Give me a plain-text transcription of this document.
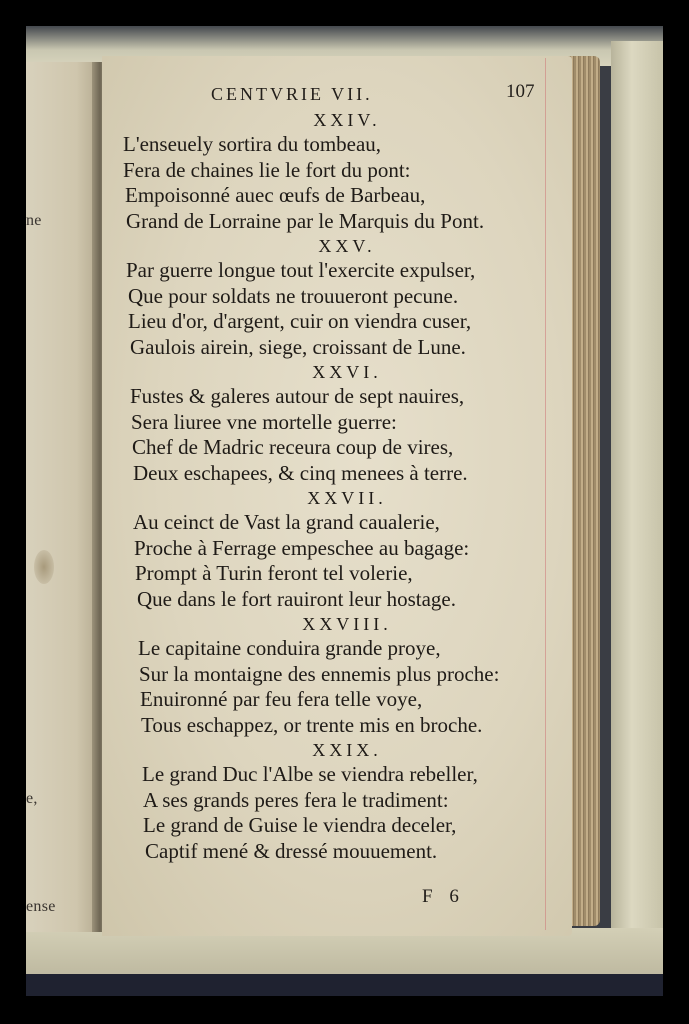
ne
e,
ense
CENTVRIE VII.	107
XXIV.
L'enseuely sortira du tombeau,
Fera de chaines lie le fort du pont:
Empoisonné auec œufs de Barbeau,
Grand de Lorraine par le Marquis du Pont.
XXV.
Par guerre longue tout l'exercite expulser,
Que pour soldats ne trouueront pecune.
Lieu d'or, d'argent, cuir on viendra cuser,
Gaulois airein, siege, croissant de Lune.
XXVI.
Fustes & galeres autour de sept nauires,
Sera liuree vne mortelle guerre:
Chef de Madric receura coup de vires,
Deux eschapees, & cinq menees à terre.
XXVII.
Au ceinct de Vast la grand caualerie,
Proche à Ferrage empeschee au bagage:
Prompt à Turin feront tel volerie,
Que dans le fort rauiront leur hostage.
XXVIII.
Le capitaine conduira grande proye,
Sur la montaigne des ennemis plus proche:
Enuironné par feu fera telle voye,
Tous eschappez, or trente mis en broche.
XXIX.
Le grand Duc l'Albe se viendra rebeller,
A ses grands peres fera le tradiment:
Le grand de Guise le viendra deceler,
Captif mené & dressé mouuement.
F 6
